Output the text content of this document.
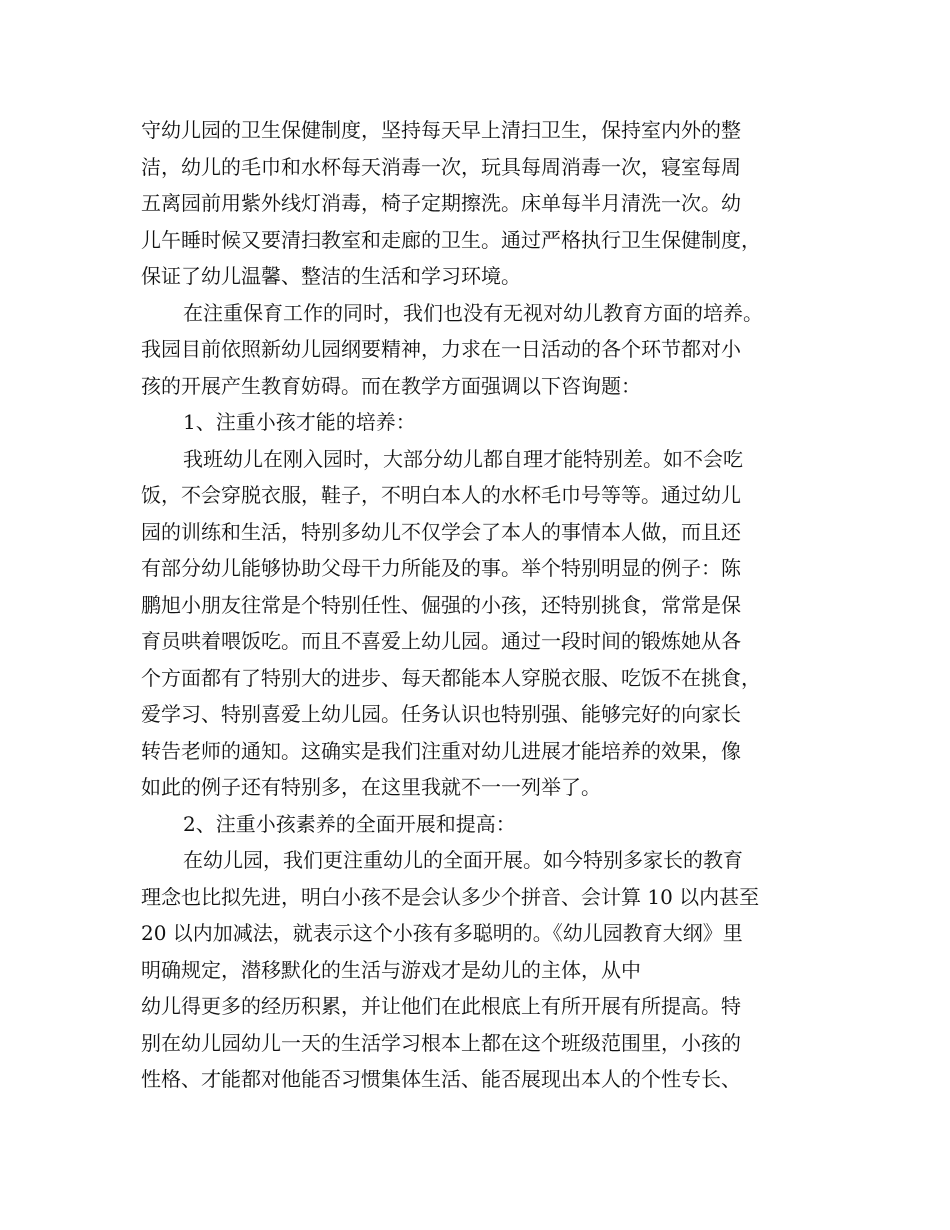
守幼儿园的卫生保健制度，坚持每天早上清扫卫生，保持室内外的整
洁，幼儿的毛巾和水杯每天消毒一次，玩具每周消毒一次，寝室每周
五离园前用紫外线灯消毒，椅子定期擦洗。床单每半月清洗一次。幼
儿午睡时候又要清扫教室和走廊的卫生。通过严格执行卫生保健制度，
保证了幼儿温馨、整洁的生活和学习环境。
在注重保育工作的同时，我们也没有无视对幼儿教育方面的培养。
我园目前依照新幼儿园纲要精神，力求在一日活动的各个环节都对小
孩的开展产生教育妨碍。而在教学方面强调以下咨询题：
1、注重小孩才能的培养：
我班幼儿在刚入园时，大部分幼儿都自理才能特别差。如不会吃
饭，不会穿脱衣服，鞋子，不明白本人的水杯毛巾号等等。通过幼儿
园的训练和生活，特别多幼儿不仅学会了本人的事情本人做，而且还
有部分幼儿能够协助父母干力所能及的事。举个特别明显的例子：陈
鹏旭小朋友往常是个特别任性、倔强的小孩，还特别挑食，常常是保
育员哄着喂饭吃。而且不喜爱上幼儿园。通过一段时间的锻炼她从各
个方面都有了特别大的进步、每天都能本人穿脱衣服、吃饭不在挑食，
爱学习、特别喜爱上幼儿园。任务认识也特别强、能够完好的向家长
转告老师的通知。这确实是我们注重对幼儿进展才能培养的效果，像
如此的例子还有特别多，在这里我就不一一列举了。
2、注重小孩素养的全面开展和提高：
在幼儿园，我们更注重幼儿的全面开展。如今特别多家长的教育
理念也比拟先进，明白小孩不是会认多少个拼音、会计算 10 以内甚至
20 以内加减法，就表示这个小孩有多聪明的。《幼儿园教育大纲》里
明确规定，潜移默化的生活与游戏才是幼儿的主体，从中
幼儿得更多的经历积累，并让他们在此根底上有所开展有所提高。特
别在幼儿园幼儿一天的生活学习根本上都在这个班级范围里，小孩的
性格、才能都对他能否习惯集体生活、能否展现出本人的个性专长、
